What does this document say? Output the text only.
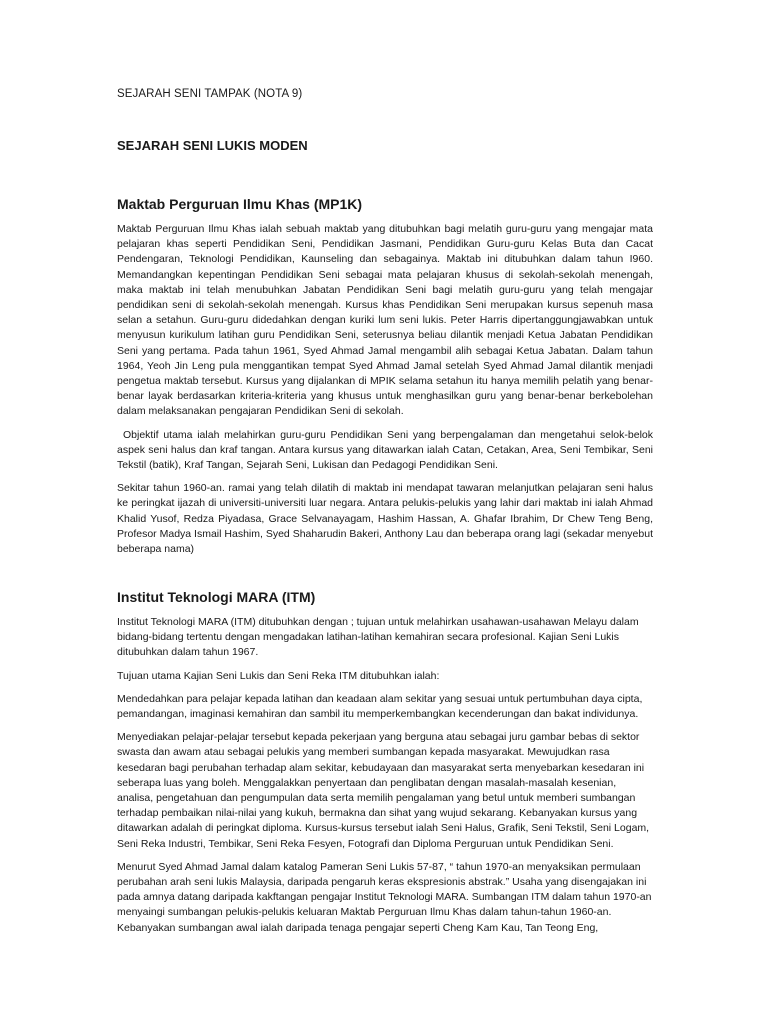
SEJARAH SENI TAMPAK (NOTA 9)
SEJARAH SENI LUKIS MODEN
Maktab Perguruan Ilmu Khas (MP1K)

Maktab Perguruan Ilmu Khas ialah sebuah maktab yang ditubuhkan bagi melatih guru-guru yang mengajar mata pelajaran khas seperti Pendidikan Seni, Pendidikan Jasmani, Pendidikan Guru-guru Kelas Buta dan Cacat Pendengaran, Teknologi Pendidikan, Kaunseling dan sebagainya. Maktab ini ditubuhkan dalam tahun I960. Memandangkan kepentingan Pendidikan Seni sebagai mata pelajaran khusus di sekolah-sekolah menengah, maka maktab ini telah menubuhkan Jabatan Pendidikan Seni bagi melatih guru-guru yang telah mengajar pendidikan seni di sekolah-sekolah menengah. Kursus khas Pendidikan Seni merupakan kursus sepenuh masa selan a setahun. Guru-guru didedahkan dengan kuriki lum seni lukis. Peter Harris dipertanggungjawabkan untuk menyusun kurikulum latihan guru Pendidikan Seni, seterusnya beliau dilantik menjadi Ketua Jabatan Pendidikan Seni yang pertama. Pada tahun 1961, Syed Ahmad Jamal mengambil alih sebagai Ketua Jabatan. Dalam tahun 1964, Yeoh Jin Leng pula menggantikan tempat Syed Ahmad Jamal setelah Syed Ahmad Jamal dilantik menjadi pengetua maktab tersebut. Kursus yang dijalankan di MPIK selama setahun itu hanya memilih pelatih yang benar-benar layak berdasarkan kriteria-kriteria yang khusus untuk menghasilkan guru yang benar-benar berkebolehan dalam melaksanakan pengajaran Pendidikan Seni di sekolah.

Objektif utama ialah melahirkan guru-guru Pendidikan Seni yang berpengalaman dan mengetahui selok-belok aspek seni halus dan kraf tangan. Antara kursus yang ditawarkan ialah Catan, Cetakan, Area, Seni Tembikar, Seni Tekstil (batik), Kraf Tangan, Sejarah Seni, Lukisan dan Pedagogi Pendidikan Seni.

Sekitar tahun 1960-an. ramai yang telah dilatih di maktab ini mendapat tawaran melanjutkan pelajaran seni halus ke peringkat ijazah di universiti-universiti luar negara. Antara pelukis-pelukis yang lahir dari maktab ini ialah Ahmad Khalid Yusof, Redza Piyadasa, Grace Selvanayagam, Hashim Hassan, A. Ghafar Ibrahim, Dr Chew Teng Beng, Profesor Madya Ismail Hashim, Syed Shaharudin Bakeri, Anthony Lau dan beberapa orang lagi (sekadar menyebut beberapa nama)

Institut Teknologi MARA (ITM)

Institut Teknologi MARA (ITM) ditubuhkan dengan ; tujuan untuk melahirkan usahawan-usahawan Melayu dalam bidang-bidang tertentu dengan mengadakan latihan-latihan kemahiran secara profesional. Kajian Seni Lukis ditubuhkan dalam tahun 1967.

Tujuan utama Kajian Seni Lukis dan Seni Reka ITM ditubuhkan ialah:

Mendedahkan para pelajar kepada latihan dan keadaan alam sekitar yang sesuai untuk pertumbuhan daya cipta, pemandangan, imaginasi kemahiran dan sambil itu memperkembangkan kecenderungan dan bakat individunya.

Menyediakan pelajar-pelajar tersebut kepada pekerjaan yang berguna atau sebagai juru gambar bebas di sektor swasta dan awam atau sebagai pelukis yang memberi sumbangan kepada masyarakat. Mewujudkan rasa kesedaran bagi perubahan terhadap alam sekitar, kebudayaan dan masyarakat serta menyebarkan kesedaran ini seberapa luas yang boleh. Menggalakkan penyertaan dan penglibatan dengan masalah-masalah kesenian, analisa, pengetahuan dan pengumpulan data serta memilih pengalaman yang betul untuk memberi sumbangan terhadap pembaikan nilai-nilai yang kukuh, bermakna dan sihat yang wujud sekarang. Kebanyakan kursus yang ditawarkan adalah di peringkat diploma. Kursus-kursus tersebut ialah Seni Halus, Grafik, Seni Tekstil, Seni Logam, Seni Reka Industri, Tembikar, Seni Reka Fesyen, Fotografi dan Diploma Perguruan untuk Pendidikan Seni.

Menurut Syed Ahmad Jamal dalam katalog Pameran Seni Lukis 57-87, “ tahun 1970-an menyaksikan permulaan perubahan arah seni lukis Malaysia, daripada pengaruh keras ekspresionis abstrak.” Usaha yang disengajakan ini pada amnya datang daripada kakftangan pengajar Institut Teknologi MARA. Sumbangan ITM dalam tahun 1970-an menyaingi sumbangan pelukis-pelukis keluaran Maktab Perguruan Ilmu Khas dalam tahun-tahun 1960-an. Kebanyakan sumbangan awal ialah daripada tenaga pengajar seperti Cheng Kam Kau, Tan Teong Eng,
